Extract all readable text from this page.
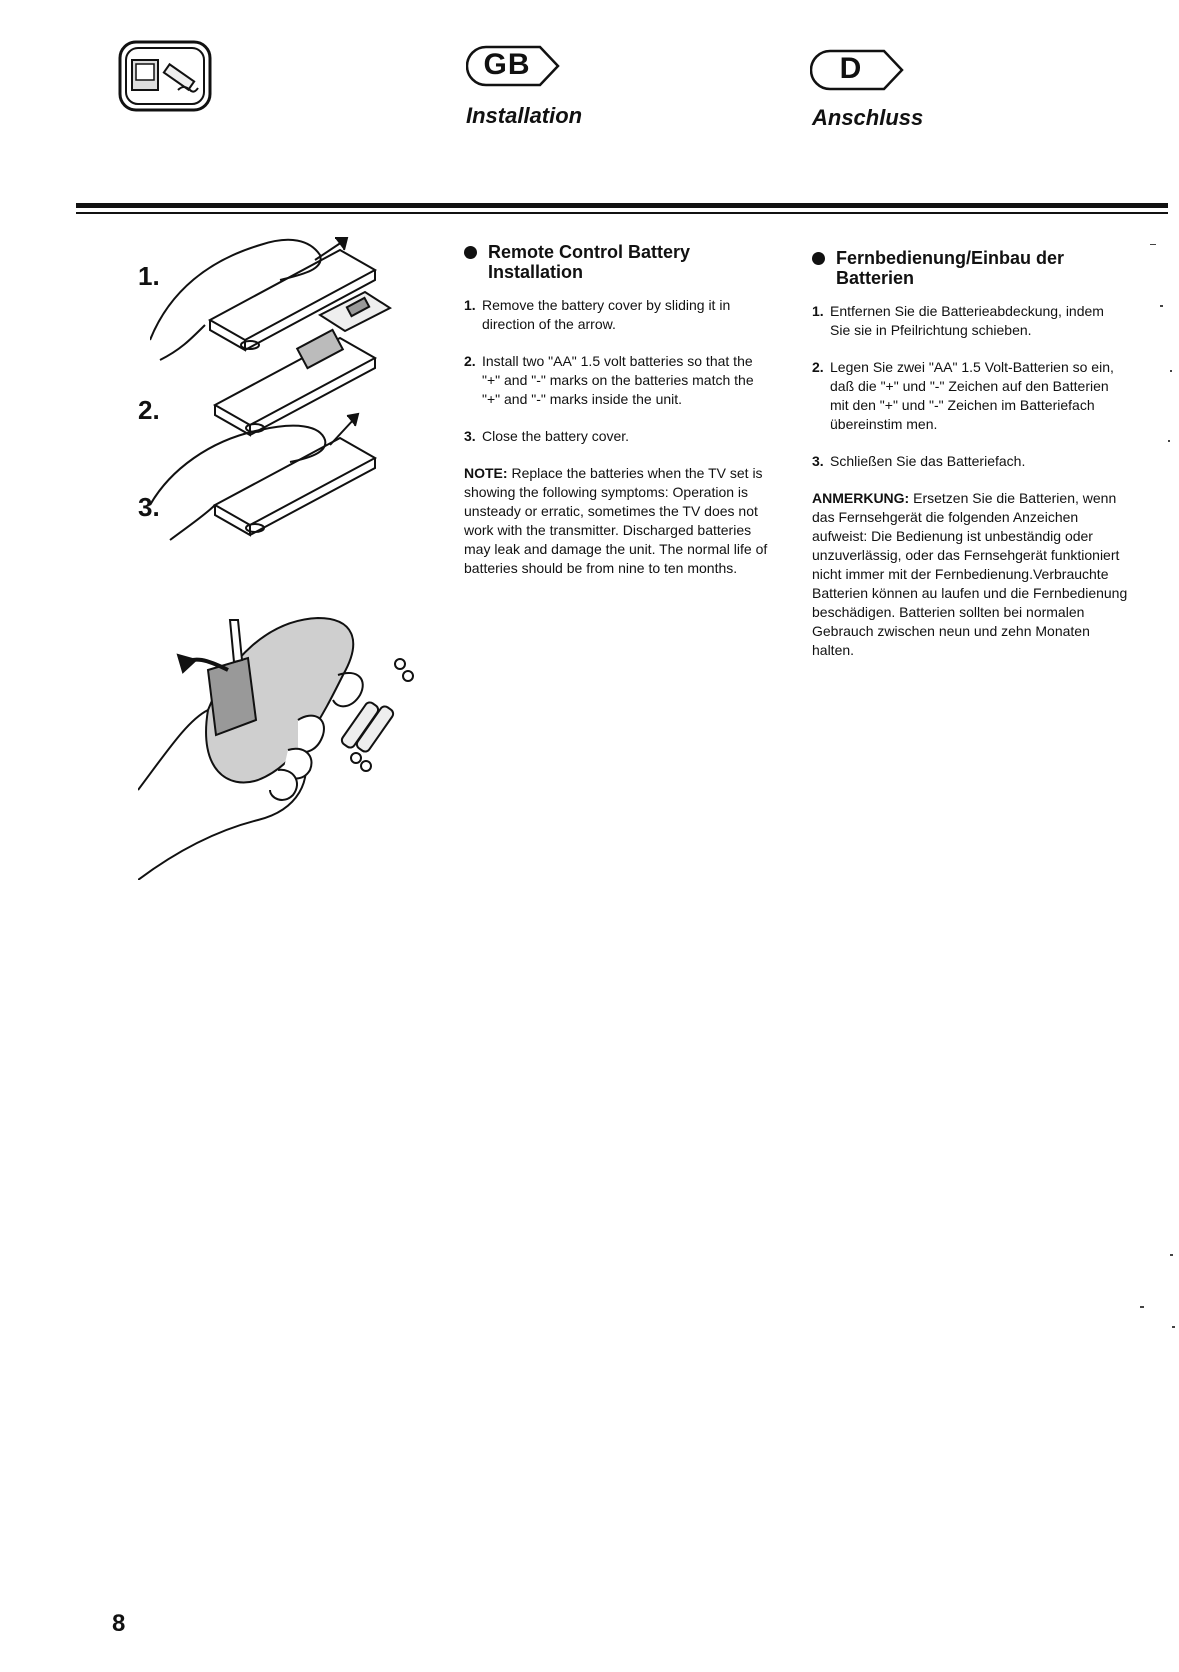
GB
Installation
D
Anschluss
1.
2.
3.
Remote Control Battery Installation
1. Remove the battery cover by sliding it in direction of the arrow.
2. Install two "AA" 1.5 volt batteries so that the "+" and "-" marks on the batteries match the "+" and "-" marks inside the unit.
3. Close the battery cover.

NOTE: Replace the batteries when the TV set is showing the following symptoms: Operation is unsteady or erratic, sometimes the TV does not work with the transmitter. Discharged batteries may leak and damage the unit. The normal life of batteries should be from nine to ten months.

Fernbedienung/Einbau der Batterien
1. Entfernen Sie die Batterieabdeckung, indem Sie sie in Pfeilrichtung schieben.
2. Legen Sie zwei "AA" 1.5 Volt-Batterien so ein, daß die "+" und "-" Zeichen auf den Batterien mit den "+" und "-" Zeichen im Batteriefach übereinstim men.
3. Schließen Sie das Batteriefach.

ANMERKUNG: Ersetzen Sie die Batterien, wenn das Fernsehgerät die folgenden Anzeichen aufweist: Die Bedienung ist unbeständig oder unzuverlässig, oder das Fernsehgerät funktioniert nicht immer mit der Fernbedienung.Verbrauchte Batterien können au laufen und die Fernbedienung beschädigen. Batterien sollten bei normalen Gebrauch zwischen neun und zehn Monaten halten.

8
